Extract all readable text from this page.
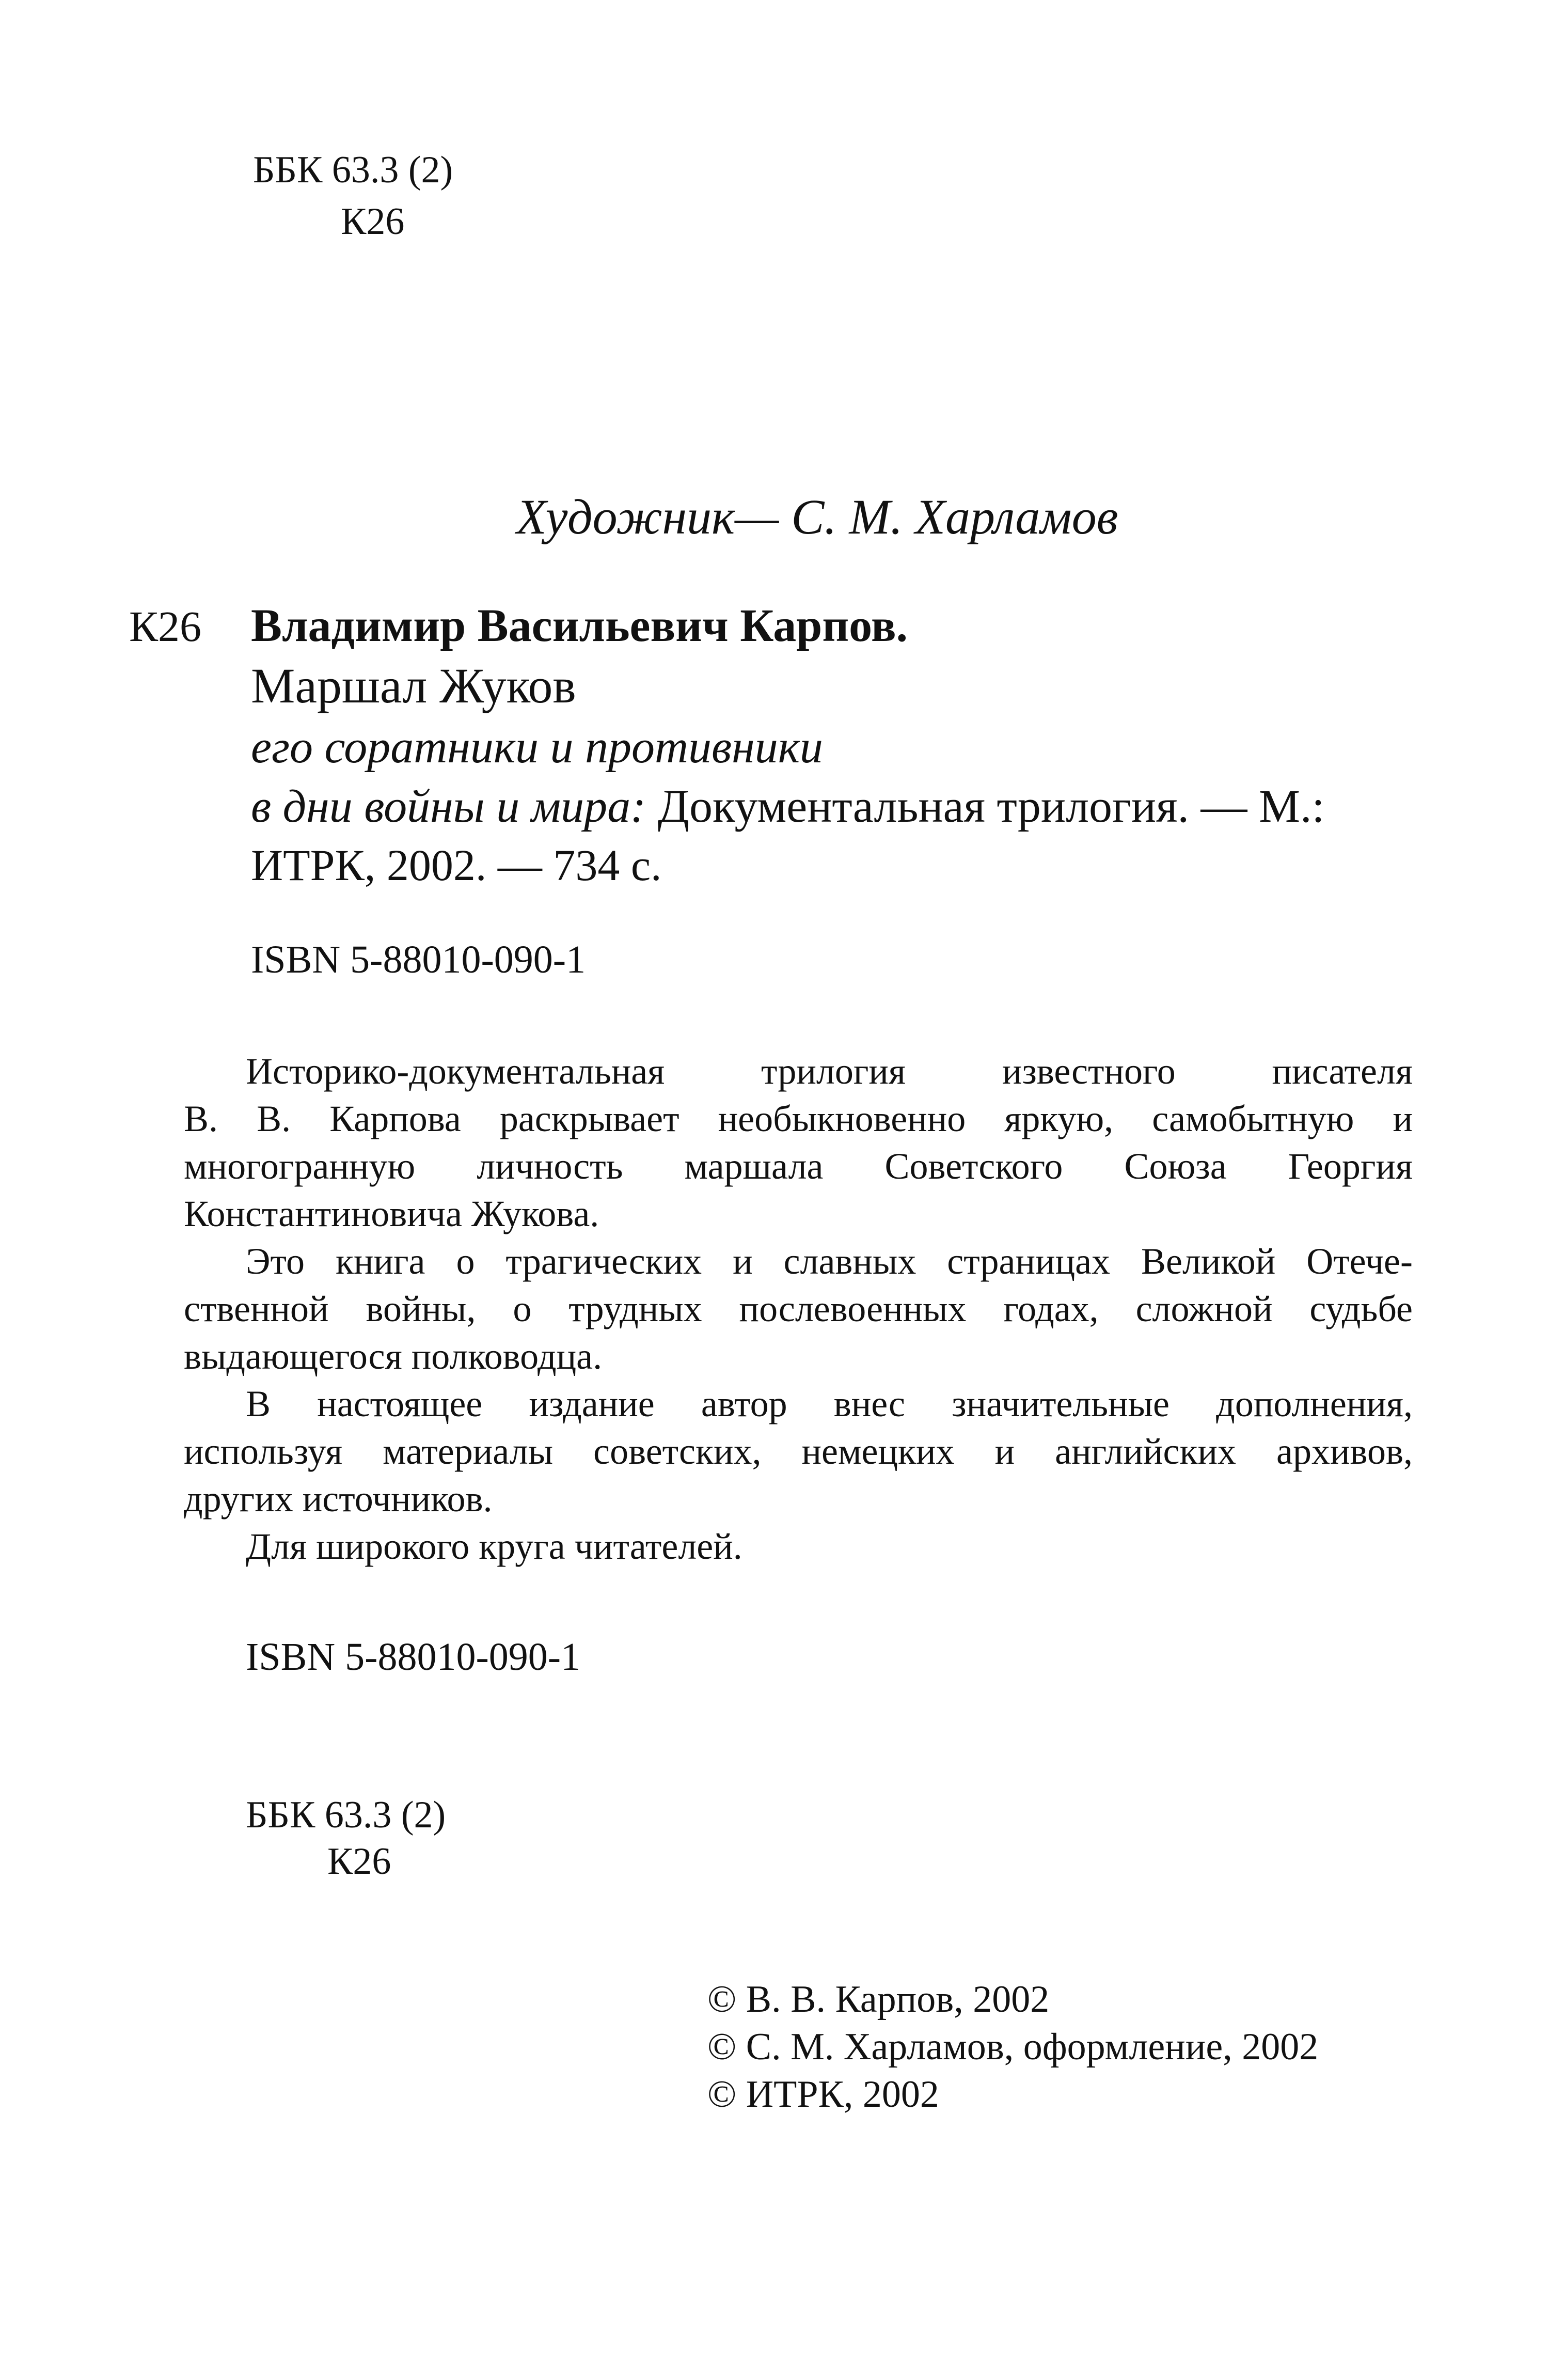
ББК 63.3 (2)
К26
Художник— С. М. Харламов
К26 Владимир Васильевич Карпов.
Маршал Жуков
его соратники и противники
в дни войны и мира: Документальная трилогия. — М.:
ИТРК, 2002. — 734 с.
ISBN 5-88010-090-1
Историко-документальная трилогия известного писателя
В. В. Карпова раскрывает необыкновенно яркую, самобытную и
многогранную личность маршала Советского Союза Георгия
Константиновича Жукова.
Это книга о трагических и славных страницах Великой Отече-
ственной войны, о трудных послевоенных годах, сложной судьбе
выдающегося полководца.
В настоящее издание автор внес значительные дополнения,
используя материалы советских, немецких и английских архивов,
других источников.
Для широкого круга читателей.
ISBN 5-88010-090-1
ББК 63.3 (2)
К26
© В. В. Карпов, 2002
© С. М. Харламов, оформление, 2002
© ИТРК, 2002
